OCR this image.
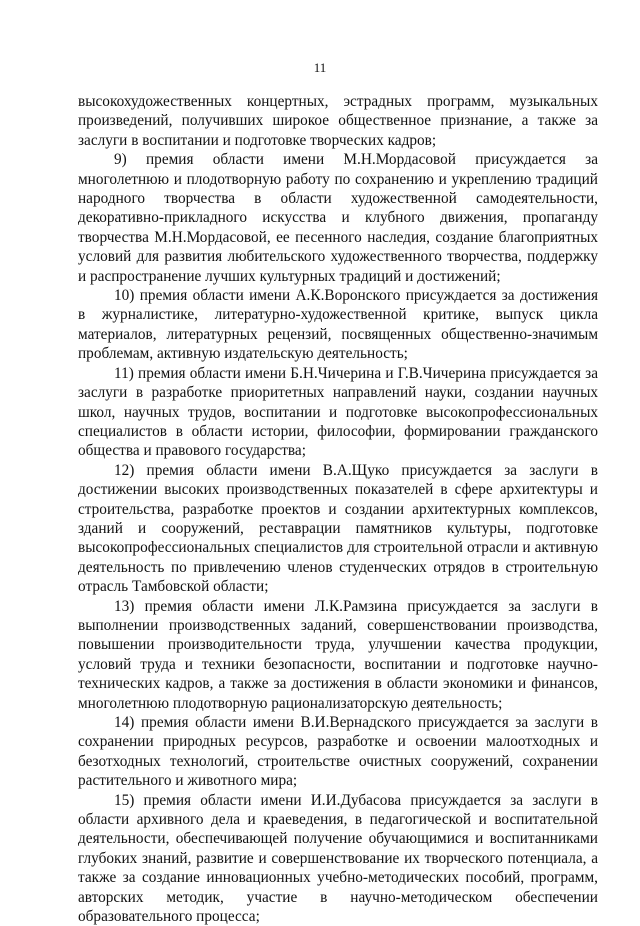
11

высокохудожественных концертных, эстрадных программ, музыкальных произведений, получивших широкое общественное признание, а также за заслуги в воспитании и подготовке творческих кадров;

9) премия области имени М.Н.Мордасовой присуждается за многолетнюю и плодотворную работу по сохранению и укреплению традиций народного творчества в области художественной самодеятельности, декоративно-прикладного искусства и клубного движения, пропаганду творчества М.Н.Мордасовой, ее песенного наследия, создание благоприятных условий для развития любительского художественного творчества, поддержку и распространение лучших культурных традиций и достижений;

10) премия области имени А.К.Воронского присуждается за достижения в журналистике, литературно-художественной критике, выпуск цикла материалов, литературных рецензий, посвященных общественно-значимым проблемам, активную издательскую деятельность;

11) премия области имени Б.Н.Чичерина и Г.В.Чичерина присуждается за заслуги в разработке приоритетных направлений науки, создании научных школ, научных трудов, воспитании и подготовке высокопрофессиональных специалистов в области истории, философии, формировании гражданского общества и правового государства;

12) премия области имени В.А.Щуко присуждается за заслуги в достижении высоких производственных показателей в сфере архитектуры и строительства, разработке проектов и создании архитектурных комплексов, зданий и сооружений, реставрации памятников культуры, подготовке высокопрофессиональных специалистов для строительной отрасли и активную деятельность по привлечению членов студенческих отрядов в строительную отрасль Тамбовской области;

13) премия области имени Л.К.Рамзина присуждается за заслуги в выполнении производственных заданий, совершенствовании производства, повышении производительности труда, улучшении качества продукции, условий труда и техники безопасности, воспитании и подготовке научно-технических кадров, а также за достижения в области экономики и финансов, многолетнюю плодотворную рационализаторскую деятельность;

14) премия области имени В.И.Вернадского присуждается за заслуги в сохранении природных ресурсов, разработке и освоении малоотходных и безотходных технологий, строительстве очистных сооружений, сохранении растительного и животного мира;

15) премия области имени И.И.Дубасова присуждается за заслуги в области архивного дела и краеведения, в педагогической и воспитательной деятельности, обеспечивающей получение обучающимися и воспитанниками глубоких знаний, развитие и совершенствование их творческого потенциала, а также за создание инновационных учебно-методических пособий, программ, авторских методик, участие в научно-методическом обеспечении образовательного процесса;
